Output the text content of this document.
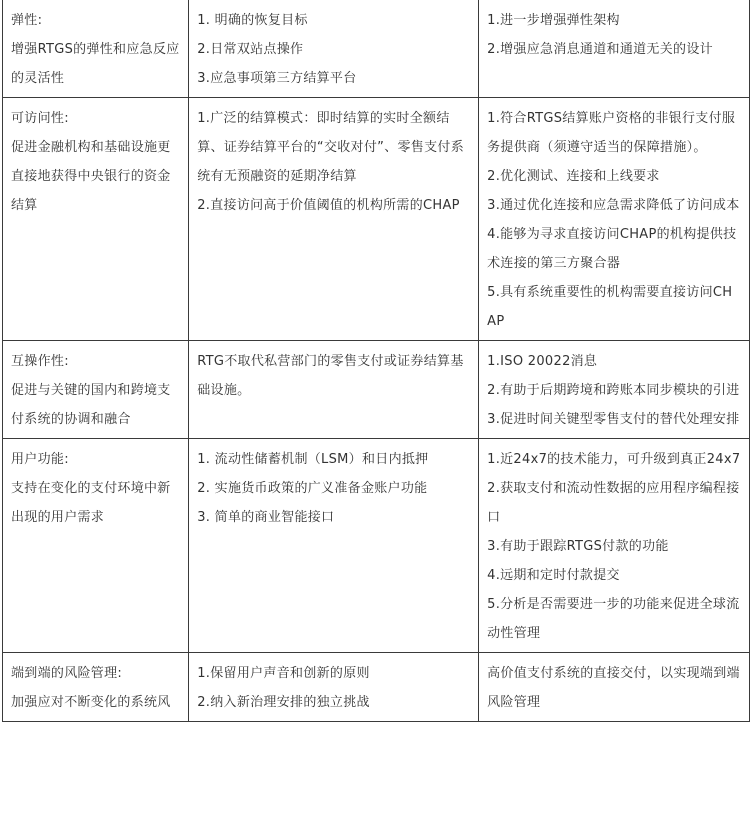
弹性:
增强RTGS的弹性和应急反应的灵活性	1. 明确的恢复目标
2.日常双站点操作
3.应急事项第三方结算平台	1.进一步增强弹性架构
2.增强应急消息通道和通道无关的设计

可访问性:
促进金融机构和基础设施更直接地获得中央银行的资金结算	1.广泛的结算模式：即时结算的实时全额结算、证券结算平台的“交收对付”、零售支付系统有无预融资的延期净结算
2.直接访问高于价值阈值的机构所需的CHAP	1.符合RTGS结算账户资格的非银行支付服务提供商（须遵守适当的保障措施）。
2.优化测试、连接和上线要求
3.通过优化连接和应急需求降低了访问成本
4.能够为寻求直接访问CHAP的机构提供技术连接的第三方聚合器
5.具有系统重要性的机构需要直接访问CHAP

互操作性:
促进与关键的国内和跨境支付系统的协调和融合	RTG不取代私营部门的零售支付或证券结算基础设施。	1.ISO 20022消息
2.有助于后期跨境和跨账本同步模块的引进
3.促进时间关键型零售支付的替代处理安排

用户功能:
支持在变化的支付环境中新出现的用户需求	1. 流动性储蓄机制（LSM）和日内抵押
2. 实施货币政策的广义准备金账户功能
3. 简单的商业智能接口	1.近24x7的技术能力，可升级到真正24x7
2.获取支付和流动性数据的应用程序编程接口
3.有助于跟踪RTGS付款的功能
4.远期和定时付款提交
5.分析是否需要进一步的功能来促进全球流动性管理

端到端的风险管理:
加强应对不断变化的系统风	1.保留用户声音和创新的原则
2.纳入新治理安排的独立挑战	高价值支付系统的直接交付，以实现端到端风险管理
